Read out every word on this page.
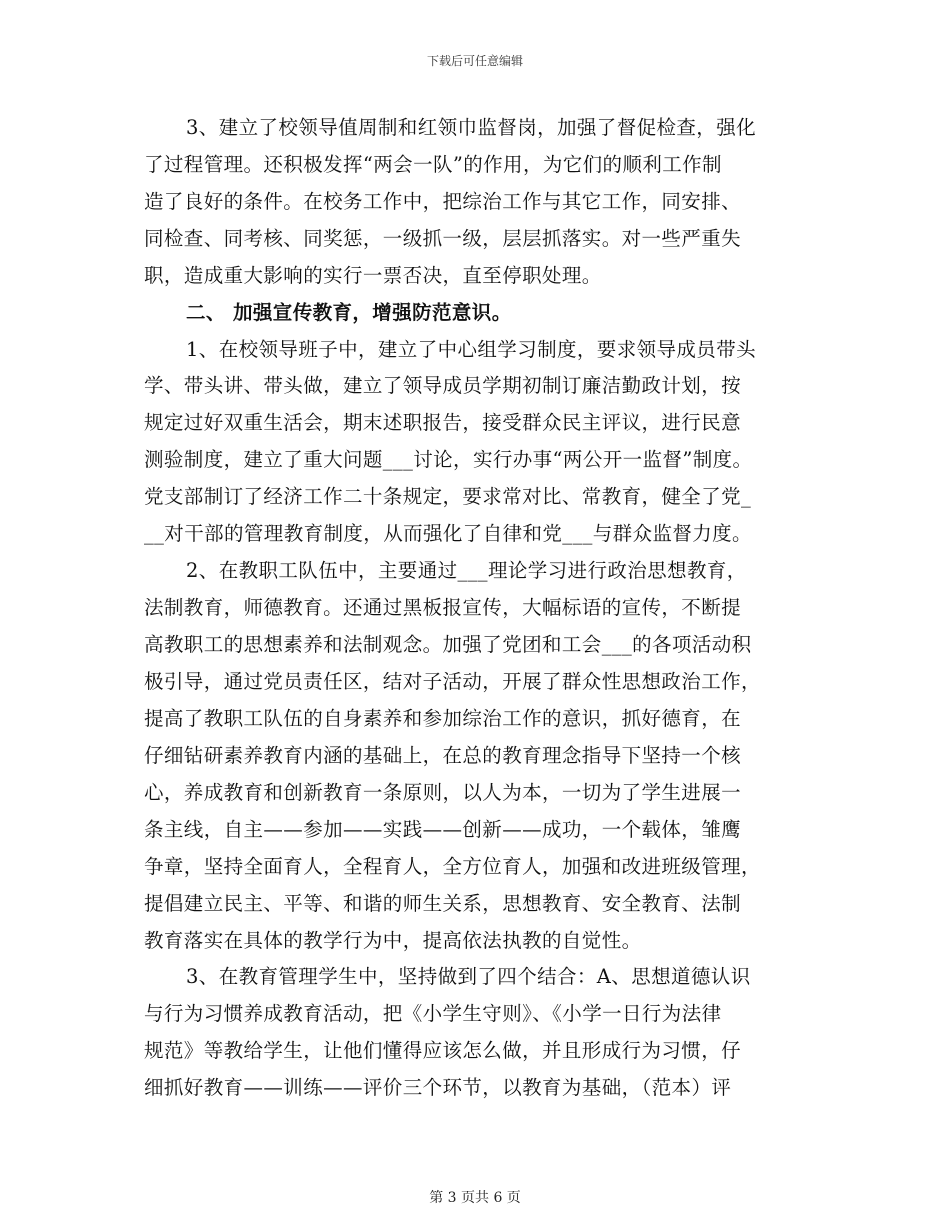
下载后可任意编辑
3、建立了校领导值周制和红领巾监督岗，加强了督促检查，强化
了过程管理。还积极发挥“两会一队”的作用，为它们的顺利工作制
造了良好的条件。在校务工作中，把综治工作与其它工作，同安排、
同检查、同考核、同奖惩，一级抓一级，层层抓落实。对一些严重失
职，造成重大影响的实行一票否决，直至停职处理。
二、 加强宣传教育，增强防范意识。
1、在校领导班子中，建立了中心组学习制度，要求领导成员带头
学、带头讲、带头做，建立了领导成员学期初制订廉洁勤政计划，按
规定过好双重生活会，期末述职报告，接受群众民主评议，进行民意
测验制度，建立了重大问题___讨论，实行办事“两公开一监督”制度。
党支部制订了经济工作二十条规定，要求常对比、常教育，健全了党_
__对干部的管理教育制度，从而强化了自律和党___与群众监督力度。
2、在教职工队伍中，主要通过___理论学习进行政治思想教育，
法制教育，师德教育。还通过黑板报宣传，大幅标语的宣传，不断提
高教职工的思想素养和法制观念。加强了党团和工会___的各项活动积
极引导，通过党员责任区，结对子活动，开展了群众性思想政治工作，
提高了教职工队伍的自身素养和参加综治工作的意识，抓好德育，在
仔细钻研素养教育内涵的基础上，在总的教育理念指导下坚持一个核
心，养成教育和创新教育一条原则，以人为本，一切为了学生进展一
条主线，自主——参加——实践——创新——成功，一个载体，雏鹰
争章，坚持全面育人，全程育人，全方位育人，加强和改进班级管理，
提倡建立民主、平等、和谐的师生关系，思想教育、安全教育、法制
教育落实在具体的教学行为中，提高依法执教的自觉性。
3、在教育管理学生中，坚持做到了四个结合：A、思想道德认识
与行为习惯养成教育活动，把《小学生守则》、《小学一日行为法律
规范》等教给学生，让他们懂得应该怎么做，并且形成行为习惯，仔
细抓好教育——训练——评价三个环节，以教育为基础，（范本）评
第 3 页共 6 页
